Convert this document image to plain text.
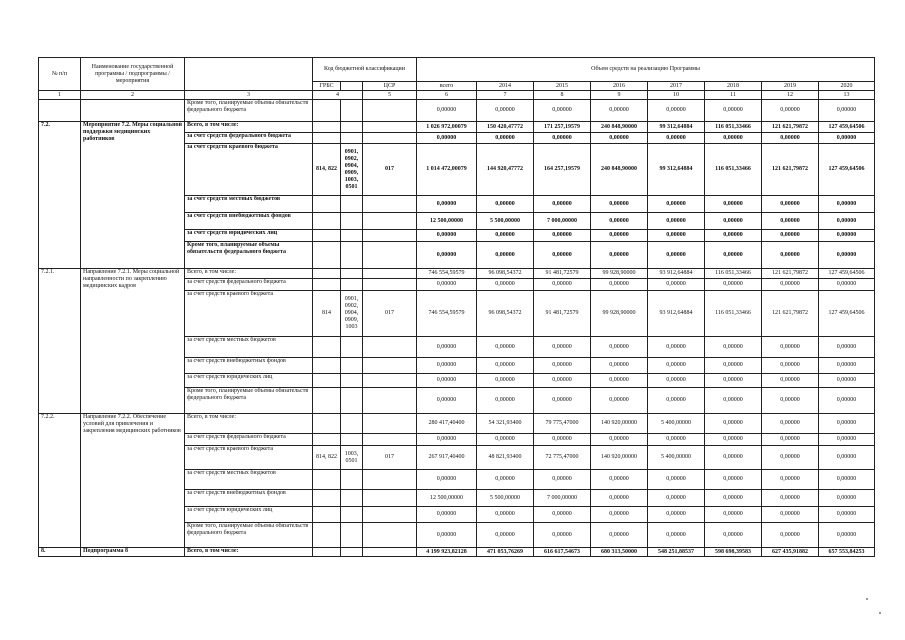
№ п/п	Наименование государственной программы / подпрограммы / мероприятия		Код бюджетной классификации			Объем средств на реализацию Программы							
			ГРБС		ЦСР	всего	2014	2015	2016	2017	2018	2019	2020
1	2	3	4		5	6	7	8	9	10	11	12	13
		Кроме того, планируемые объемы обязательств федерального бюджета				0,00000	0,00000	0,00000	0,00000	0,00000	0,00000	0,00000	0,00000
7.2.	Мероприятие 7.2. Меры социальной поддержки медицинских работников	Всего, в том числе:				1 026 972,00079	150 420,47772	171 257,19579	240 848,90000	99 312,64884	116 051,33466	121 621,79872	127 459,64506
		за счет средств федерального бюджета				0,00000	0,00000	0,00000	0,00000	0,00000	0,00000	0,00000	0,00000
		за счет средств краевого бюджета	814, 822	0901, 0902, 0904, 0909, 1003, 0501	017	1 014 472,00079	144 920,47772	164 257,19579	240 848,90000	99 312,64884	116 051,33466	121 621,79872	127 459,64506
		за счет средств местных бюджетов				0,00000	0,00000	0,00000	0,00000	0,00000	0,00000	0,00000	0,00000
		за счет средств внебюджетных фондов				12 500,00000	5 500,00000	7 000,00000	0,00000	0,00000	0,00000	0,00000	0,00000
		за счет средств юридических лиц				0,00000	0,00000	0,00000	0,00000	0,00000	0,00000	0,00000	0,00000
		Кроме того, планируемые объемы обязательств федерального бюджета				0,00000	0,00000	0,00000	0,00000	0,00000	0,00000	0,00000	0,00000
7.2.1.	Направление 7.2.1. Меры социальной направленности по закреплению медицинских кадров	Всего, в том числе:				746 554,59579	96 098,54372	91 481,72579	99 928,90000	93 912,64884	116 051,33466	121 621,79872	127 459,64506
		за счет средств федерального бюджета				0,00000	0,00000	0,00000	0,00000	0,00000	0,00000	0,00000	0,00000
		за счет средств краевого бюджета	814	0901, 0902, 0904, 0909, 1003	017	746 554,59579	96 098,54372	91 481,72579	99 928,90000	93 912,64884	116 051,33466	121 621,79872	127 459,64506
		за счет средств местных бюджетов				0,00000	0,00000	0,00000	0,00000	0,00000	0,00000	0,00000	0,00000
		за счет средств внебюджетных фондов				0,00000	0,00000	0,00000	0,00000	0,00000	0,00000	0,00000	0,00000
		за счет средств юридических лиц				0,00000	0,00000	0,00000	0,00000	0,00000	0,00000	0,00000	0,00000
		Кроме того, планируемые объемы обязательств федерального бюджета				0,00000	0,00000	0,00000	0,00000	0,00000	0,00000	0,00000	0,00000
7.2.2.	Направление 7.2.2. Обеспечение условий для привлечения и закрепления медицинских работников	Всего, в том числе:				280 417,40400	54 321,93400	79 775,47000	140 920,00000	5 400,00000	0,00000	0,00000	0,00000
		за счет средств федерального бюджета				0,00000	0,00000	0,00000	0,00000	0,00000	0,00000	0,00000	0,00000
		за счет средств краевого бюджета	814, 822	1003, 0501	017	267 917,40400	48 821,93400	72 775,47000	140 920,00000	5 400,00000	0,00000	0,00000	0,00000
		за счет средств местных бюджетов				0,00000	0,00000	0,00000	0,00000	0,00000	0,00000	0,00000	0,00000
		за счет средств внебюджетных фондов				12 500,00000	5 500,00000	7 000,00000	0,00000	0,00000	0,00000	0,00000	0,00000
		за счет средств юридических лиц				0,00000	0,00000	0,00000	0,00000	0,00000	0,00000	0,00000	0,00000
		Кроме того, планируемые объемы обязательств федерального бюджета				0,00000	0,00000	0,00000	0,00000	0,00000	0,00000	0,00000	0,00000
8.	Подпрограмма 8	Всего, в том числе:				4 199 923,82128	471 053,76269	616 617,54673	680 313,50000	548 251,88537	598 698,39583	627 435,91882	657 553,84253
